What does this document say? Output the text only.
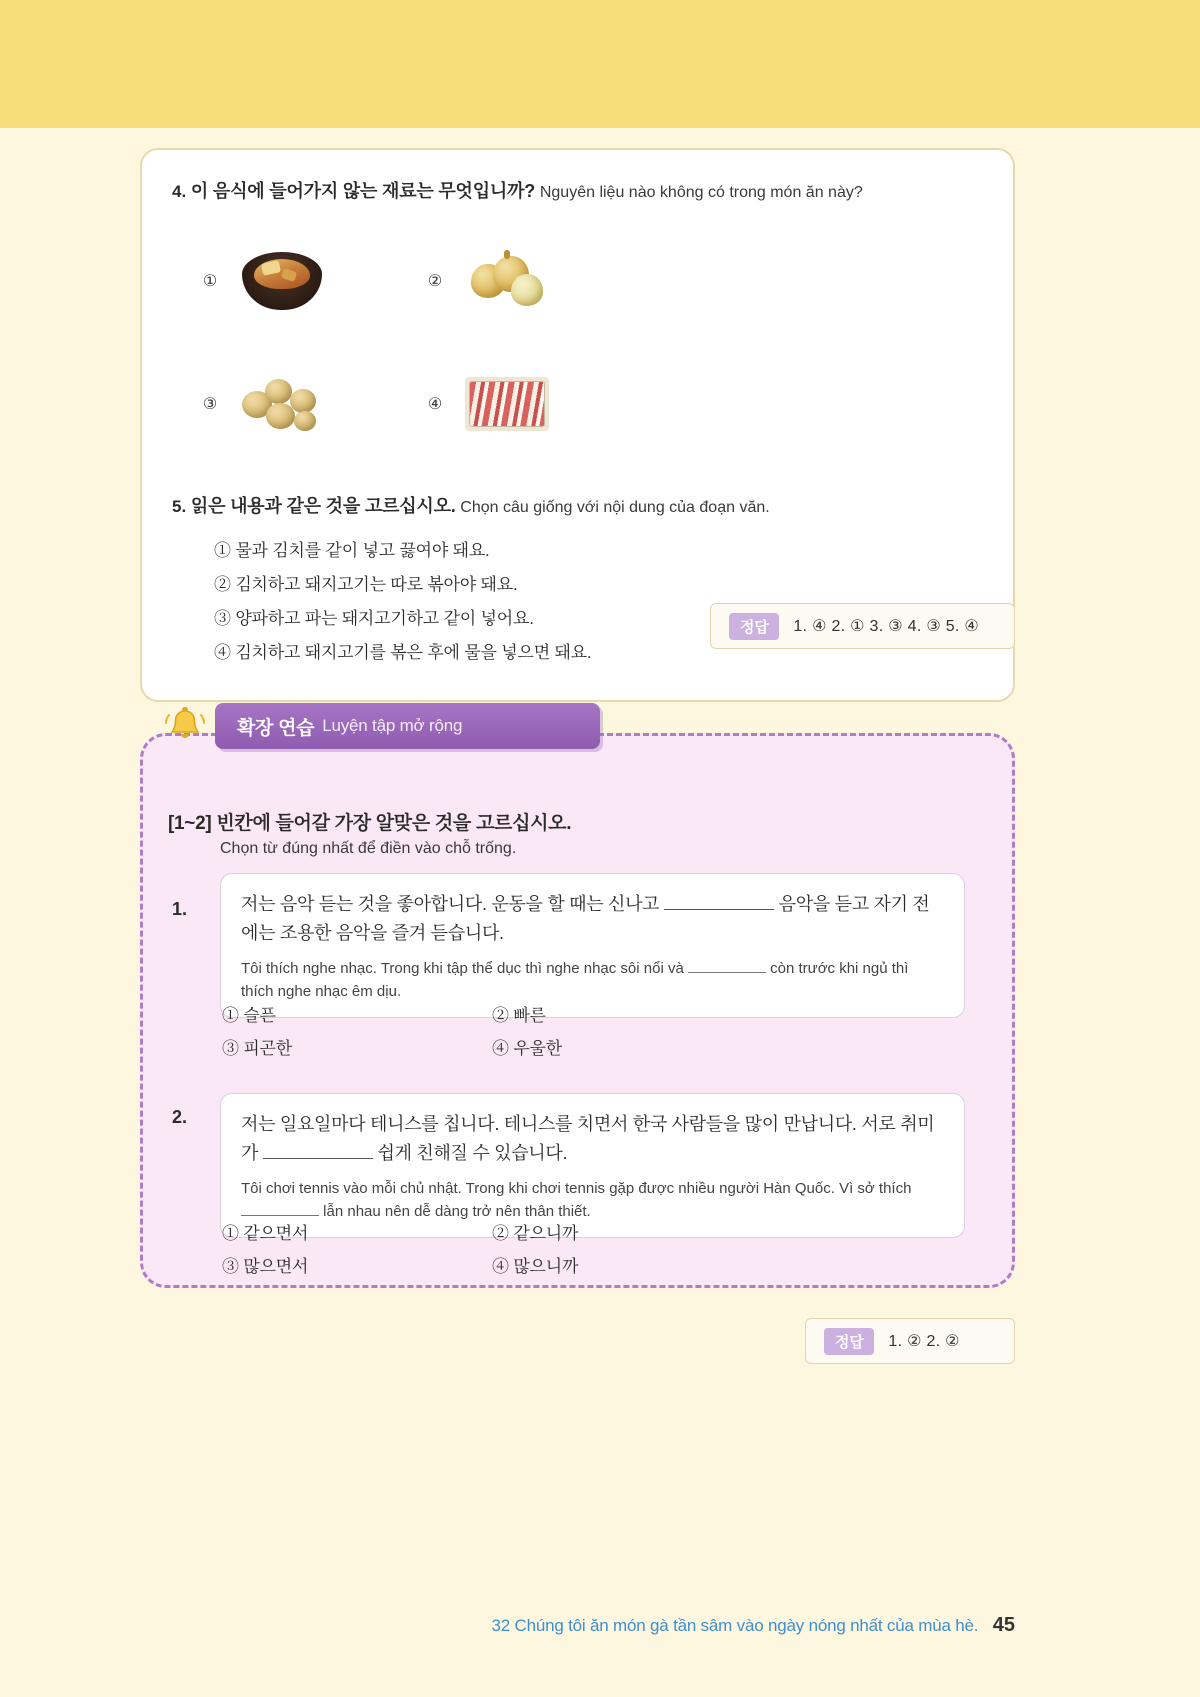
4. 이 음식에 들어가지 않는 재료는 무엇입니까? Nguyên liệu nào không có trong món ăn này?

①	②
③	④

5. 읽은 내용과 같은 것을 고르십시오. Chọn câu giống với nội dung của đoạn văn.

① 물과 김치를 같이 넣고 끓여야 돼요.
② 김치하고 돼지고기는 따로 볶아야 돼요.
③ 양파하고 파는 돼지고기하고 같이 넣어요.
④ 김치하고 돼지고기를 볶은 후에 물을 넣으면 돼요.
정답	1. ④ 2. ① 3. ③ 4. ③ 5. ④
확장 연습 Luyện tập mở rộng
[1~2] 빈칸에 들어갈 가장 알맞은 것을 고르십시오.
Chọn từ đúng nhất để điền vào chỗ trống.
1.	저는 음악 듣는 것을 좋아합니다. 운동을 할 때는 신나고	음악을 듣고 자기 전에는 조용한 음악을 즐겨 듣습니다.
Tôi thích nghe nhạc. Trong khi tập thể dục thì nghe nhạc sôi nổi và	còn trước khi ngủ thì thích nghe nhạc êm dịu.
① 슬픈	② 빠른
③ 피곤한	④ 우울한
2.	저는 일요일마다 테니스를 칩니다. 테니스를 치면서 한국 사람들을 많이 만납니다. 서로 취미가	쉽게 친해질 수 있습니다.
Tôi chơi tennis vào mỗi chủ nhật. Trong khi chơi tennis gặp được nhiều người Hàn Quốc. Vì sở thích  lẫn nhau nên dễ dàng trở nên thân thiết.
① 같으면서	② 같으니까
③ 많으면서	④ 많으니까
정답	1. ② 2. ②
32 Chúng tôi ăn món gà tần sâm vào ngày nóng nhất của mùa hè. 45
